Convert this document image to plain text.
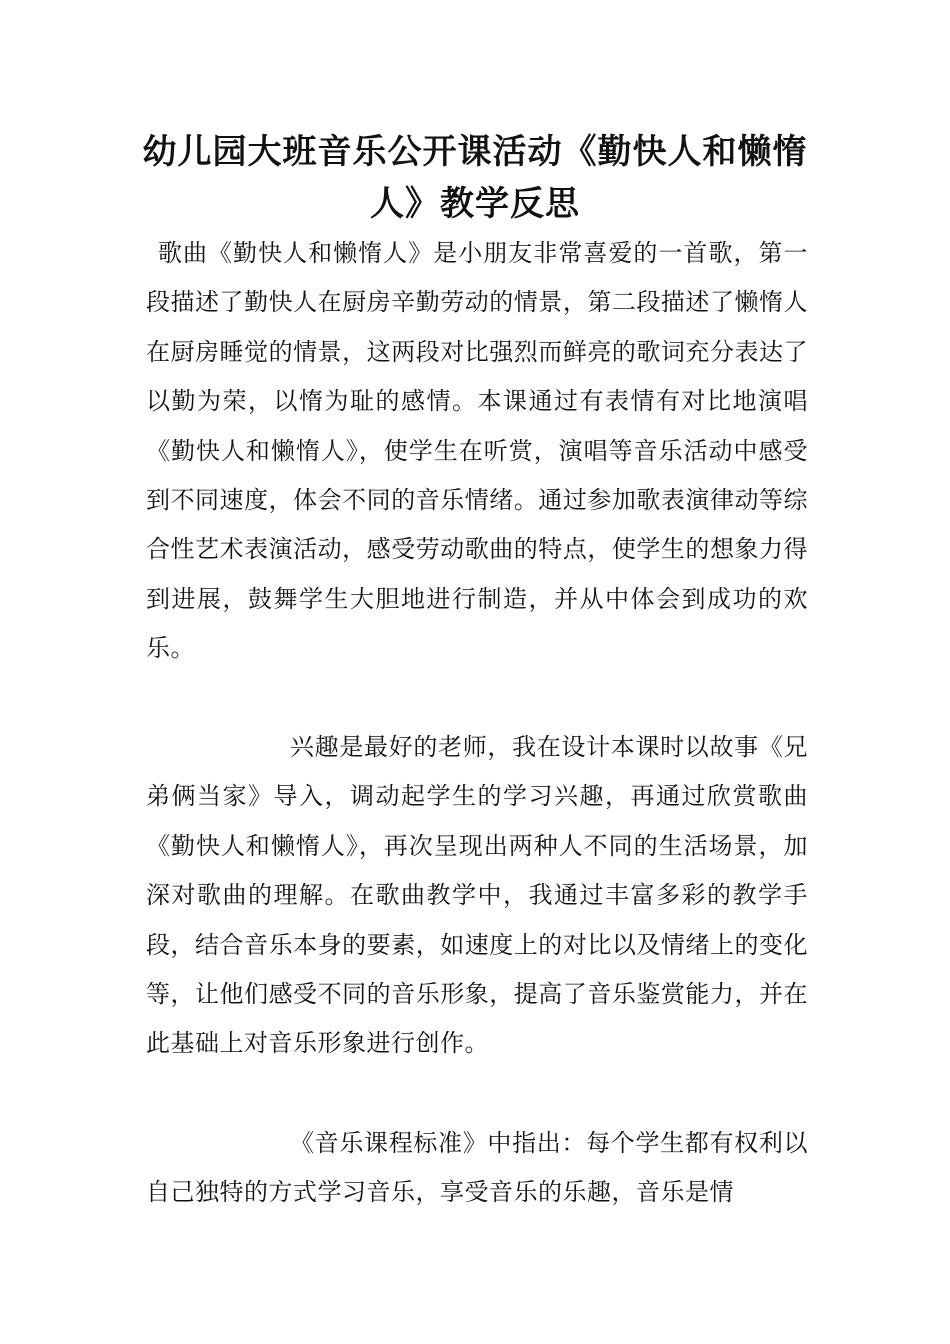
幼儿园大班音乐公开课活动《勤快人和懒惰人》教学反思

歌曲《勤快人和懒惰人》是小朋友非常喜爱的一首歌，第一段描述了勤快人在厨房辛勤劳动的情景，第二段描述了懒惰人在厨房睡觉的情景，这两段对比强烈而鲜亮的歌词充分表达了以勤为荣，以惰为耻的感情。本课通过有表情有对比地演唱《勤快人和懒惰人》，使学生在听赏，演唱等音乐活动中感受到不同速度，体会不同的音乐情绪。通过参加歌表演律动等综合性艺术表演活动，感受劳动歌曲的特点，使学生的想象力得到进展，鼓舞学生大胆地进行制造，并从中体会到成功的欢乐。

兴趣是最好的老师，我在设计本课时以故事《兄弟俩当家》导入，调动起学生的学习兴趣，再通过欣赏歌曲《勤快人和懒惰人》，再次呈现出两种人不同的生活场景，加深对歌曲的理解。在歌曲教学中，我通过丰富多彩的教学手段，结合音乐本身的要素，如速度上的对比以及情绪上的变化等，让他们感受不同的音乐形象，提高了音乐鉴赏能力，并在此基础上对音乐形象进行创作。

《音乐课程标准》中指出：每个学生都有权利以自己独特的方式学习音乐，享受音乐的乐趣，音乐是情
